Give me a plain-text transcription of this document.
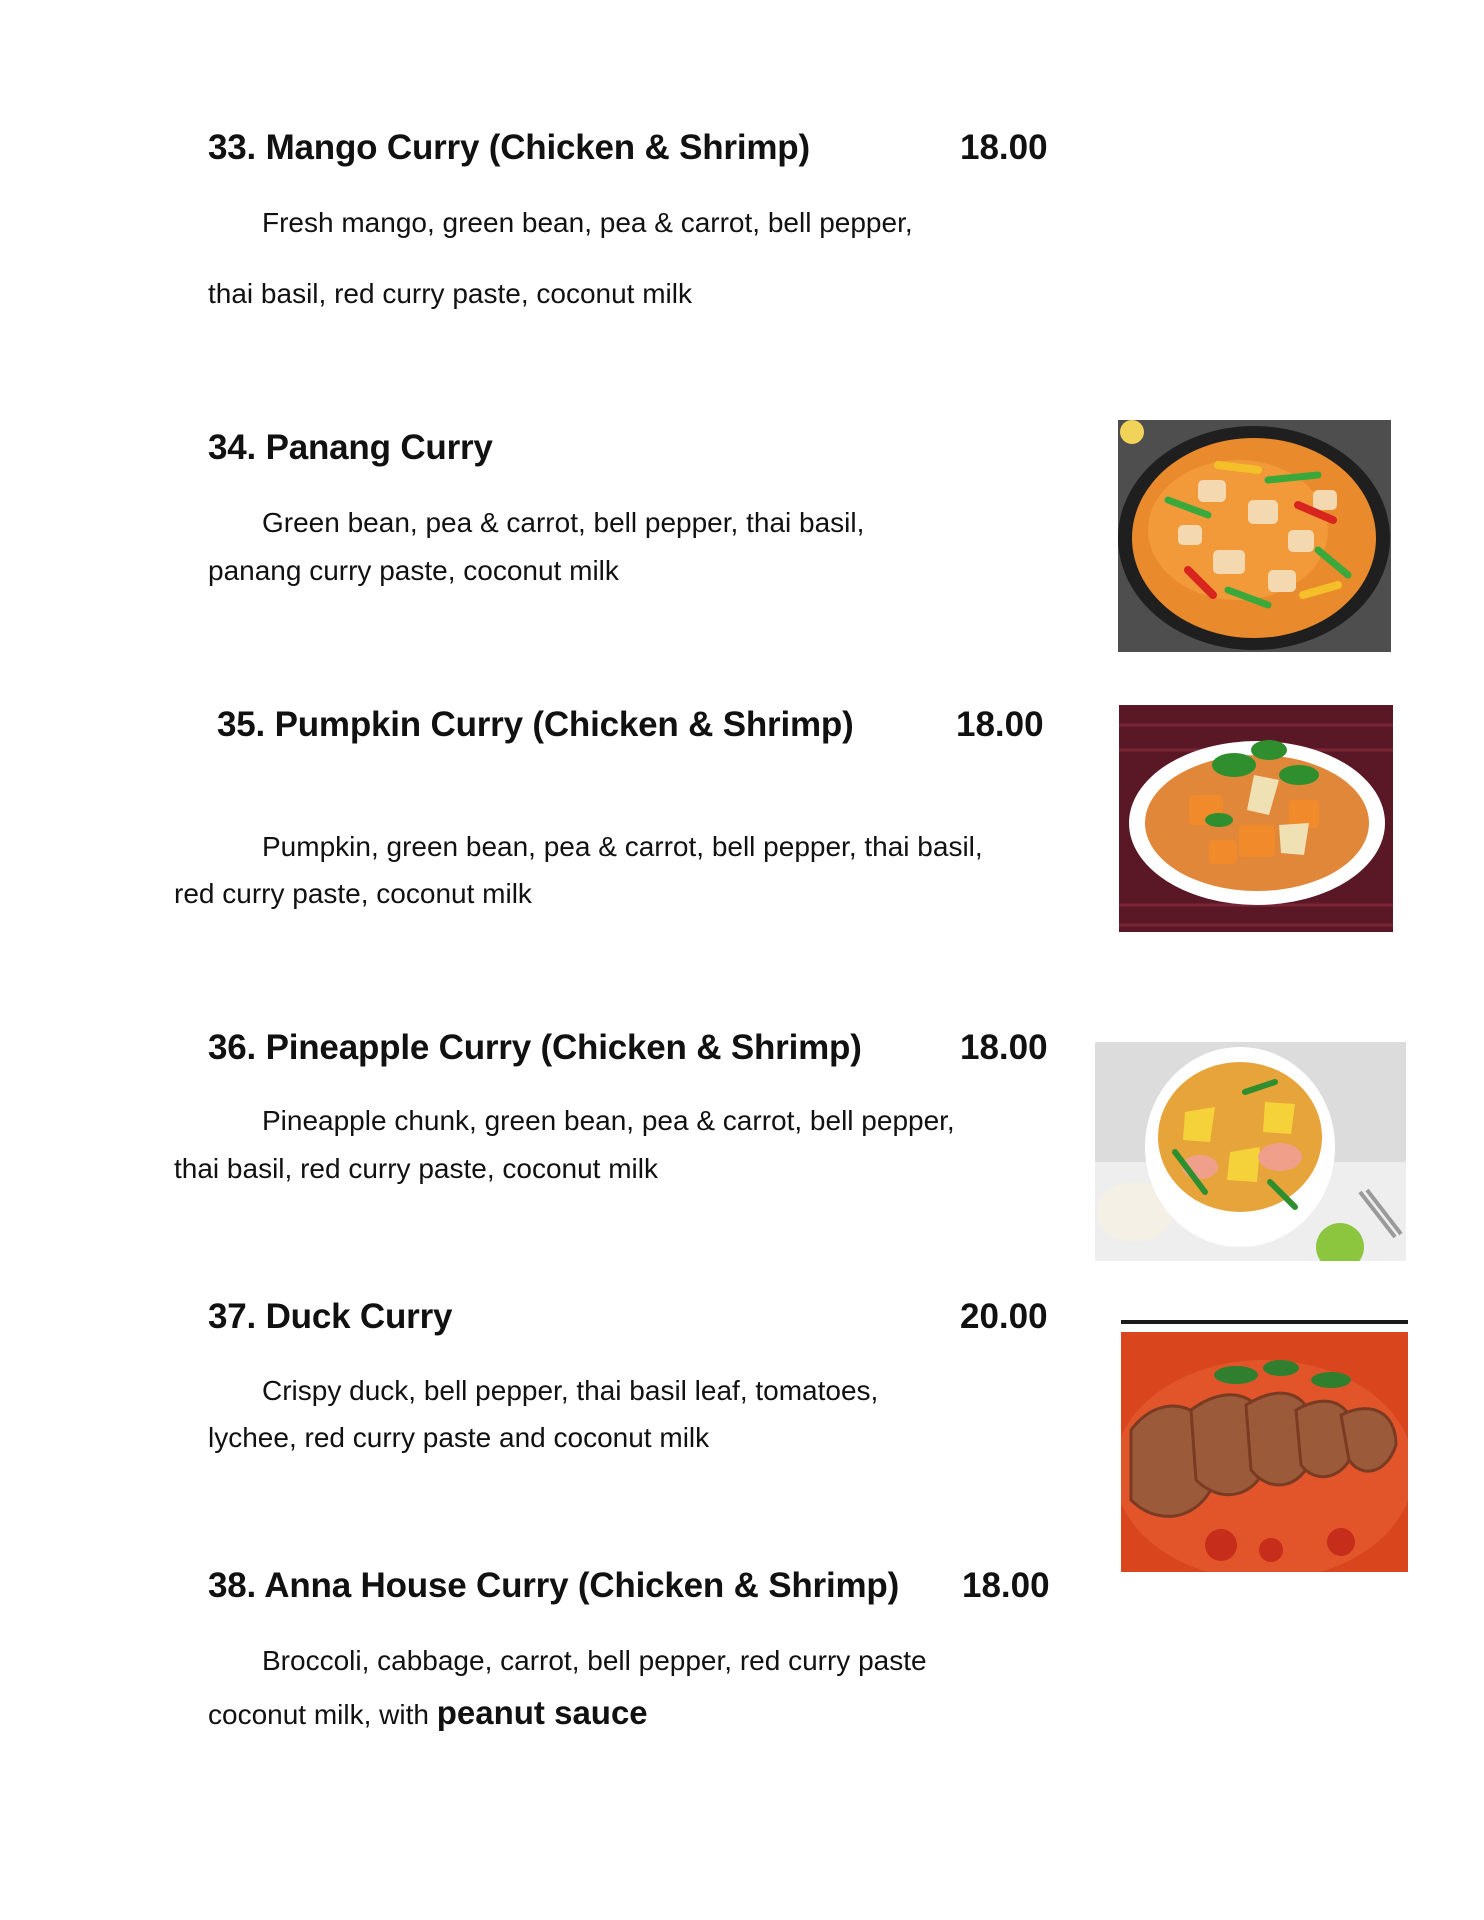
33. Mango Curry (Chicken & Shrimp)	18.00
Fresh mango, green bean, pea & carrot, bell pepper,
thai basil, red curry paste, coconut milk
34. Panang Curry
Green bean, pea & carrot, bell pepper, thai basil,
panang curry paste, coconut milk
35. Pumpkin Curry (Chicken & Shrimp)	18.00
Pumpkin, green bean, pea & carrot, bell pepper, thai basil,
red curry paste, coconut milk
36. Pineapple Curry (Chicken & Shrimp)	18.00
Pineapple chunk, green bean, pea & carrot, bell pepper,
thai basil, red curry paste, coconut milk
37. Duck Curry	20.00
Crispy duck, bell pepper, thai basil leaf, tomatoes,
lychee, red curry paste and coconut milk
38. Anna House Curry (Chicken & Shrimp) 18.00
Broccoli, cabbage, carrot, bell pepper, red curry paste
coconut milk, with peanut sauce
